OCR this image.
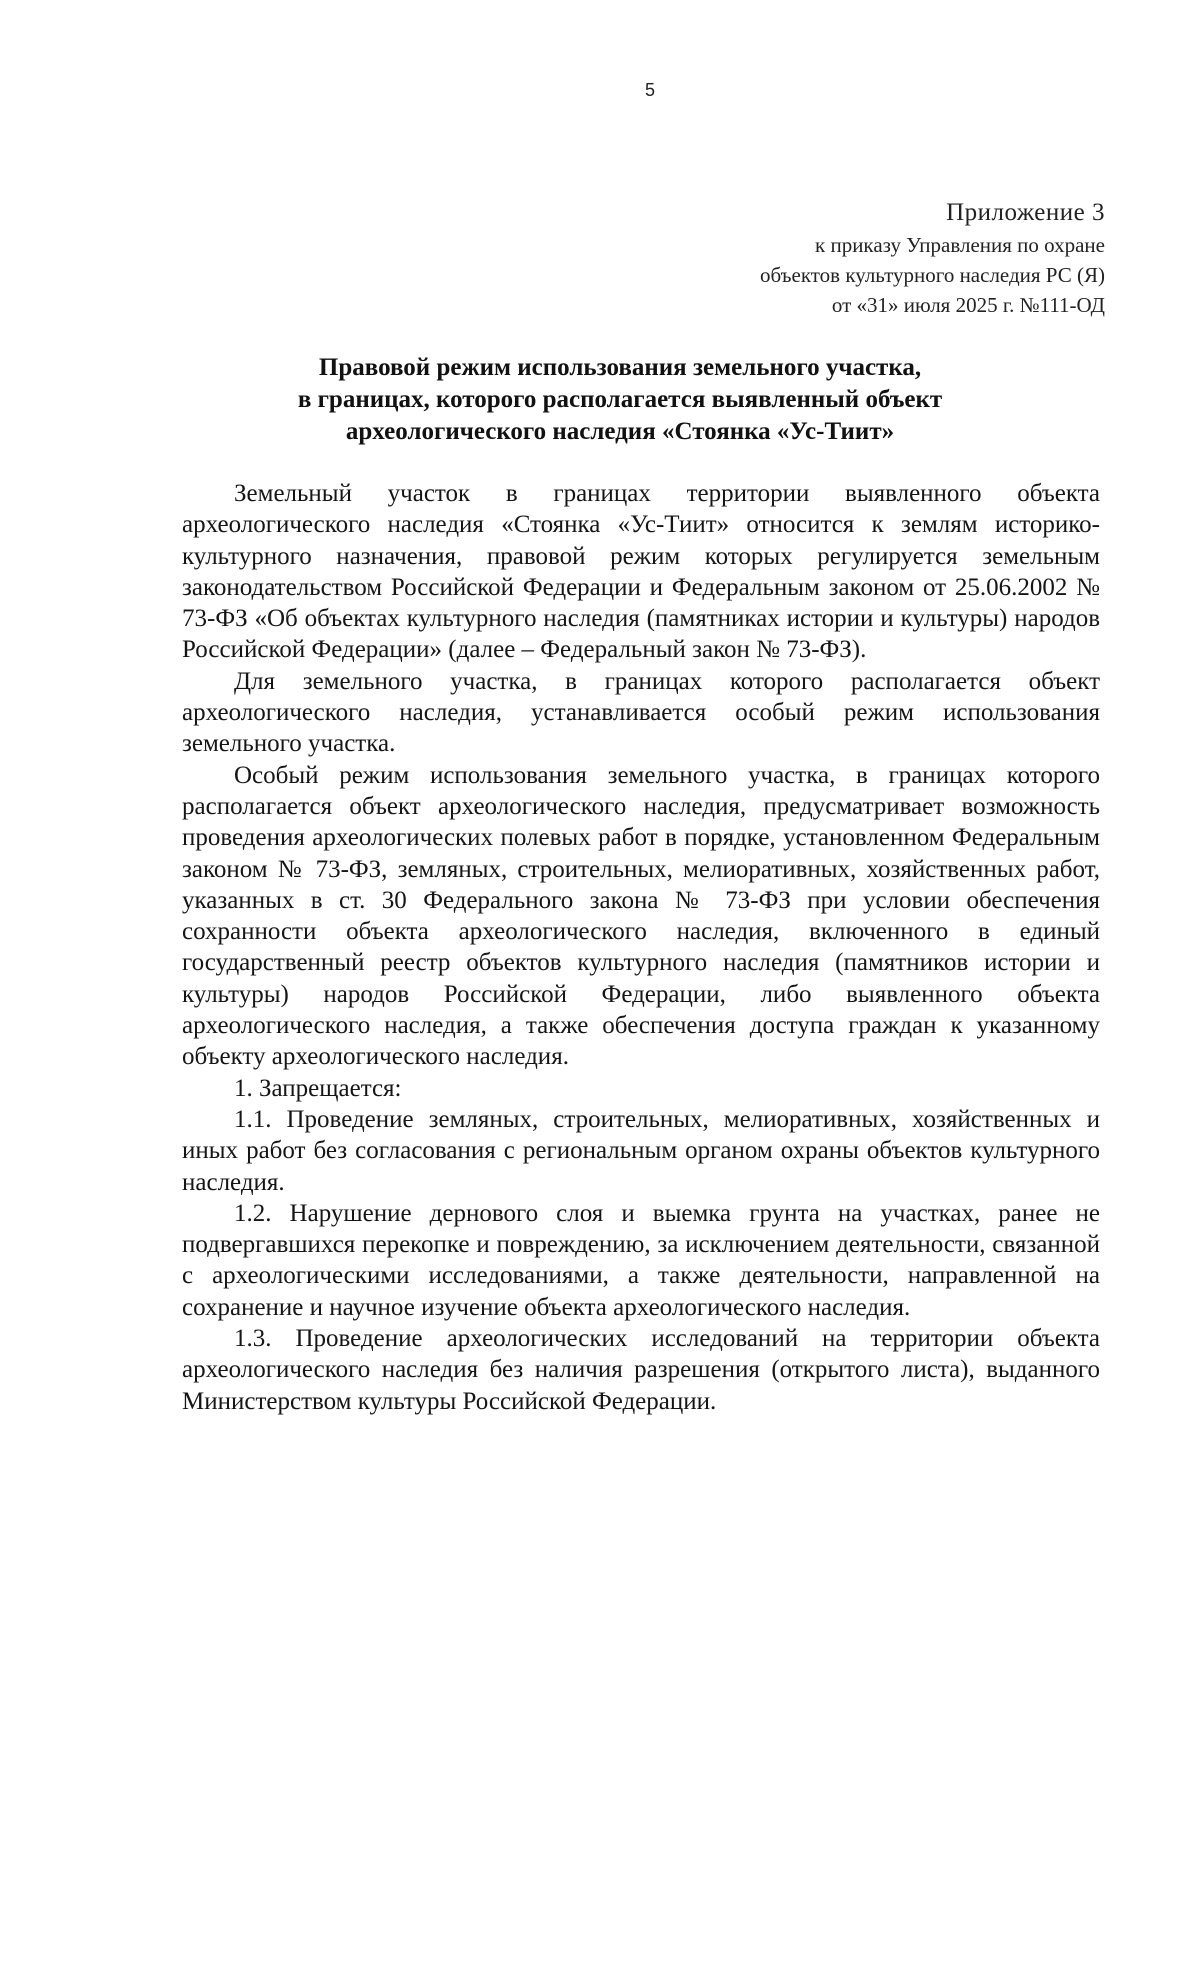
5
Приложение 3
к приказу Управления по охране
объектов культурного наследия РС (Я)
от «31» июля 2025 г. №111-ОД
Правовой режим использования земельного участка,
в границах, которого располагается выявленный объект
археологического наследия «Стоянка «Ус-Тиит»

Земельный участок в границах территории выявленного объекта археологического наследия «Стоянка «Ус-Тиит» относится к землям историко-культурного назначения, правовой режим которых регулируется земельным законодательством Российской Федерации и Федеральным законом от 25.06.2002 № 73-ФЗ «Об объектах культурного наследия (памятниках истории и культуры) народов Российской Федерации» (далее – Федеральный закон № 73-ФЗ).

Для земельного участка, в границах которого располагается объект археологического наследия, устанавливается особый режим использования земельного участка.

Особый режим использования земельного участка, в границах которого располагается объект археологического наследия, предусматривает возможность проведения археологических полевых работ в порядке, установленном Федеральным законом № 73-ФЗ, земляных, строительных, мелиоративных, хозяйственных работ, указанных в ст. 30 Федерального закона № 73-ФЗ при условии обеспечения сохранности объекта археологического наследия, включенного в единый государственный реестр объектов культурного наследия (памятников истории и культуры) народов Российской Федерации, либо выявленного объекта археологического наследия, а также обеспечения доступа граждан к указанному объекту археологического наследия.

1. Запрещается:

1.1. Проведение земляных, строительных, мелиоративных, хозяйственных и иных работ без согласования с региональным органом охраны объектов культурного наследия.

1.2. Нарушение дернового слоя и выемка грунта на участках, ранее не подвергавшихся перекопке и повреждению, за исключением деятельности, связанной с археологическими исследованиями, а также деятельности, направленной на сохранение и научное изучение объекта археологического наследия.

1.3. Проведение археологических исследований на территории объекта археологического наследия без наличия разрешения (открытого листа), выданного Министерством культуры Российской Федерации.
